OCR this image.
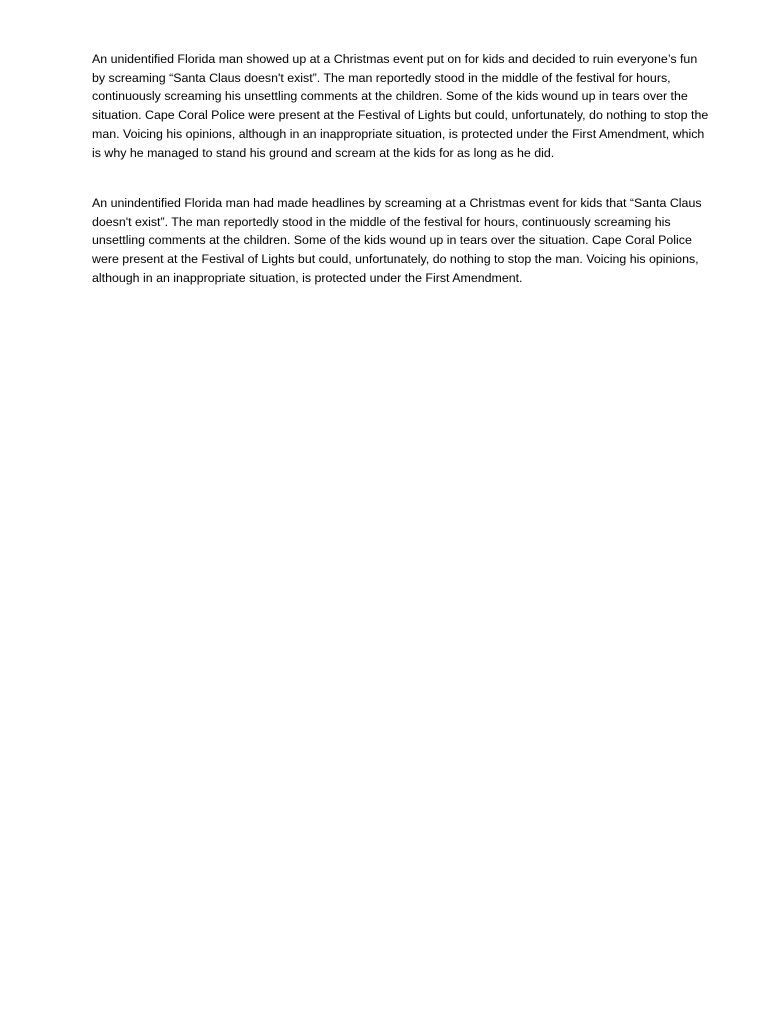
An unidentified Florida man showed up at a Christmas event put on for kids and decided to ruin everyone’s fun by screaming “Santa Claus doesn't exist”. The man reportedly stood in the middle of the festival for hours, continuously screaming his unsettling comments at the children. Some of the kids wound up in tears over the situation. Cape Coral Police were present at the Festival of Lights but could, unfortunately, do nothing to stop the man. Voicing his opinions, although in an inappropriate situation, is protected under the First Amendment, which is why he managed to stand his ground and scream at the kids for as long as he did.

An unindentified Florida man had made headlines by screaming at a Christmas event for kids that “Santa Claus doesn't exist”. The man reportedly stood in the middle of the festival for hours, continuously screaming his unsettling comments at the children. Some of the kids wound up in tears over the situation. Cape Coral Police were present at the Festival of Lights but could, unfortunately, do nothing to stop the man. Voicing his opinions, although in an inappropriate situation, is protected under the First Amendment.
